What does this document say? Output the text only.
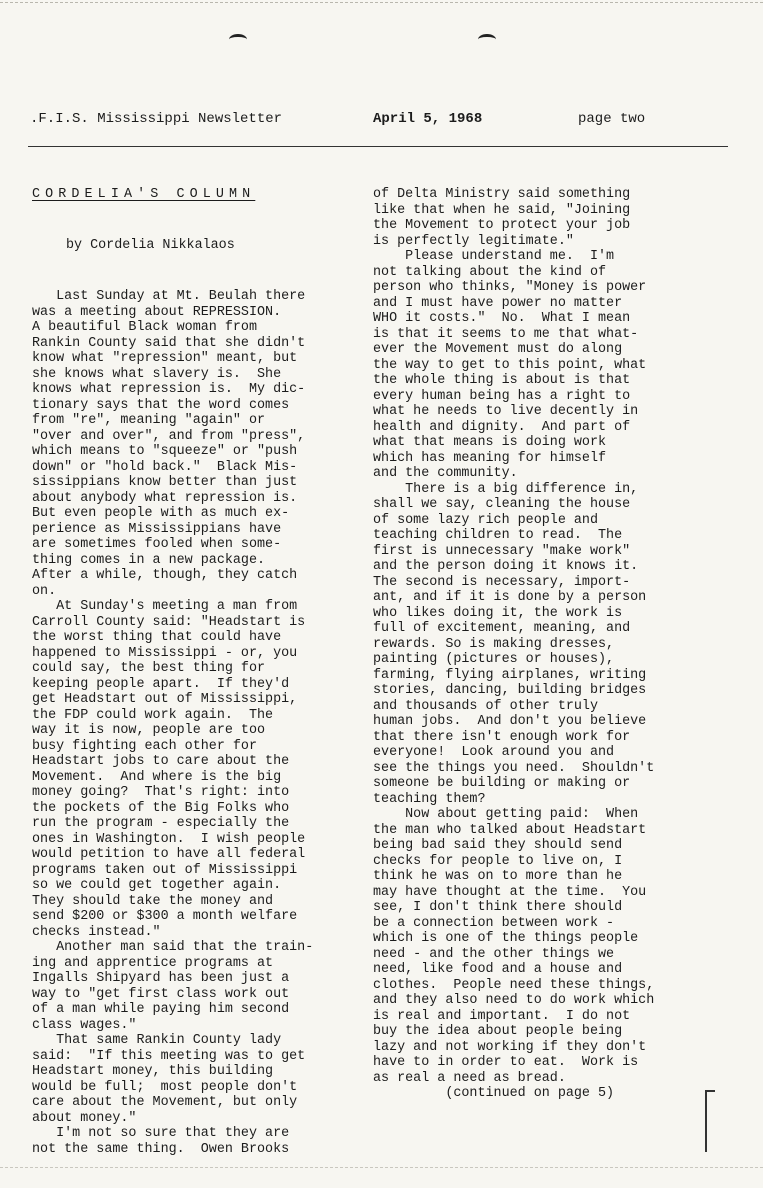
.F.I.S. Mississippi Newsletter	April 5, 1968	page two

CORDELIA'S COLUMN

by Cordelia Nikkalaos

Last Sunday at Mt. Beulah there
was a meeting about REPRESSION.
A beautiful Black woman from
Rankin County said that she didn't
know what "repression" meant, but
she knows what slavery is.  She
knows what repression is.  My dic-
tionary says that the word comes
from "re", meaning "again" or
"over and over", and from "press",
which means to "squeeze" or "push
down" or "hold back."  Black Mis-
sissippians know better than just
about anybody what repression is.
But even people with as much ex-
perience as Mississippians have
are sometimes fooled when some-
thing comes in a new package.
After a while, though, they catch
on.
At Sunday's meeting a man from
Carroll County said: "Headstart is
the worst thing that could have
happened to Mississippi - or, you
could say, the best thing for
keeping people apart.  If they'd
get Headstart out of Mississippi,
the FDP could work again.  The
way it is now, people are too
busy fighting each other for
Headstart jobs to care about the
Movement.  And where is the big
money going?  That's right: into
the pockets of the Big Folks who
run the program - especially the
ones in Washington.  I wish people
would petition to have all federal
programs taken out of Mississippi
so we could get together again.
They should take the money and
send $200 or $300 a month welfare
checks instead."
Another man said that the train-
ing and apprentice programs at
Ingalls Shipyard has been just a
way to "get first class work out
of a man while paying him second
class wages."
That same Rankin County lady
said:  "If this meeting was to get
Headstart money, this building
would be full;  most people don't
care about the Movement, but only
about money."
I'm not so sure that they are
not the same thing.  Owen Brooks

of Delta Ministry said something
like that when he said, "Joining
the Movement to protect your job
is perfectly legitimate."
Please understand me.  I'm
not talking about the kind of
person who thinks, "Money is power
and I must have power no matter
WHO it costs."  No.  What I mean
is that it seems to me that what-
ever the Movement must do along
the way to get to this point, what
the whole thing is about is that
every human being has a right to
what he needs to live decently in
health and dignity.  And part of
what that means is doing work
which has meaning for himself
and the community.
There is a big difference in,
shall we say, cleaning the house
of some lazy rich people and
teaching children to read.  The
first is unnecessary "make work"
and the person doing it knows it.
The second is necessary, import-
ant, and if it is done by a person
who likes doing it, the work is
full of excitement, meaning, and
rewards. So is making dresses,
painting (pictures or houses),
farming, flying airplanes, writing
stories, dancing, building bridges
and thousands of other truly
human jobs.  And don't you believe
that there isn't enough work for
everyone!  Look around you and
see the things you need.  Shouldn't
someone be building or making or
teaching them?
Now about getting paid:  When
the man who talked about Headstart
being bad said they should send
checks for people to live on, I
think he was on to more than he
may have thought at the time.  You
see, I don't think there should
be a connection between work -
which is one of the things people
need - and the other things we
need, like food and a house and
clothes.  People need these things,
and they also need to do work which
is real and important.  I do not
buy the idea about people being
lazy and not working if they don't
have to in order to eat.  Work is
as real a need as bread.
(continued on page 5)
